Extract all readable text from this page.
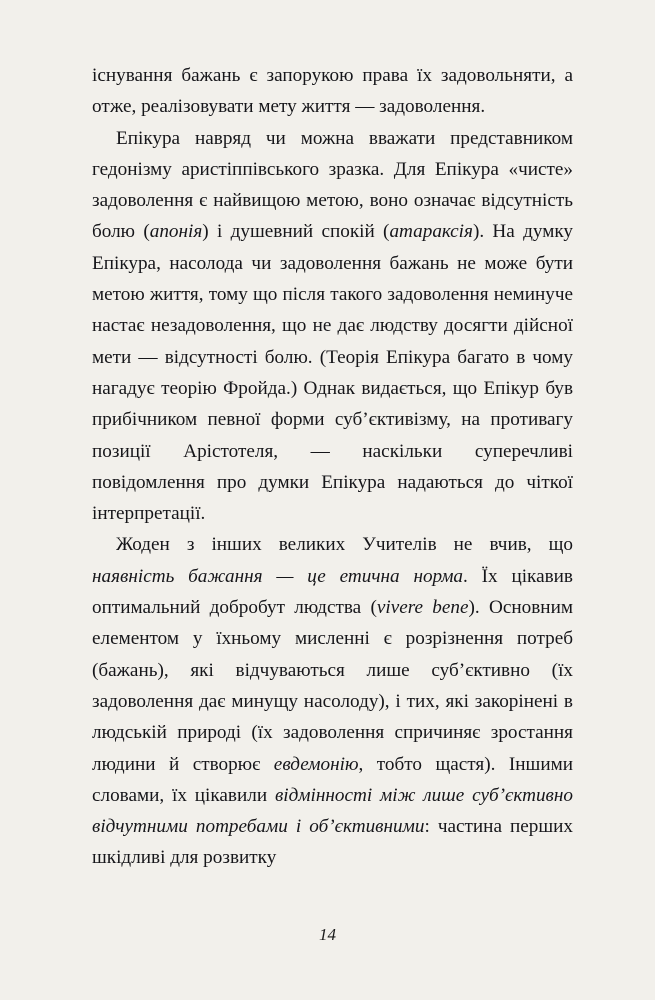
існування бажань є запорукою права їх задовольняти, а отже, реалізовувати мету життя — задоволення.

Епікура навряд чи можна вважати представником гедонізму аристіппівського зразка. Для Епікура «чисте» задоволення є найвищою метою, воно означає відсутність болю (апонія) і душевний спокій (атараксія). На думку Епікура, насолода чи задоволення бажань не може бути метою життя, тому що після такого задоволення неминуче настає незадоволення, що не дає людству досягти дійсної мети — відсутності болю. (Теорія Епікура багато в чому нагадує теорію Фройда.) Однак видається, що Епікур був прибічником певної форми суб’єктивізму, на противагу позиції Арістотеля, — наскільки суперечливі повідомлення про думки Епікура надаються до чіткої інтерпретації.

Жоден з інших великих Учителів не вчив, що наявність бажання — це етична норма. Їх цікавив оптимальний добробут людства (vivere bene). Основним елементом у їхньому мисленні є розрізнення потреб (бажань), які відчуваються лише суб’єктивно (їх задоволення дає минущу насолоду), і тих, які закорінені в людській природі (їх задоволення спричиняє зростання людини й створює евдемонію, тобто щастя). Іншими словами, їх цікавили відмінності між лише суб’єктивно відчутними потребами і об’єктивними: частина перших шкідливі для розвитку

14
